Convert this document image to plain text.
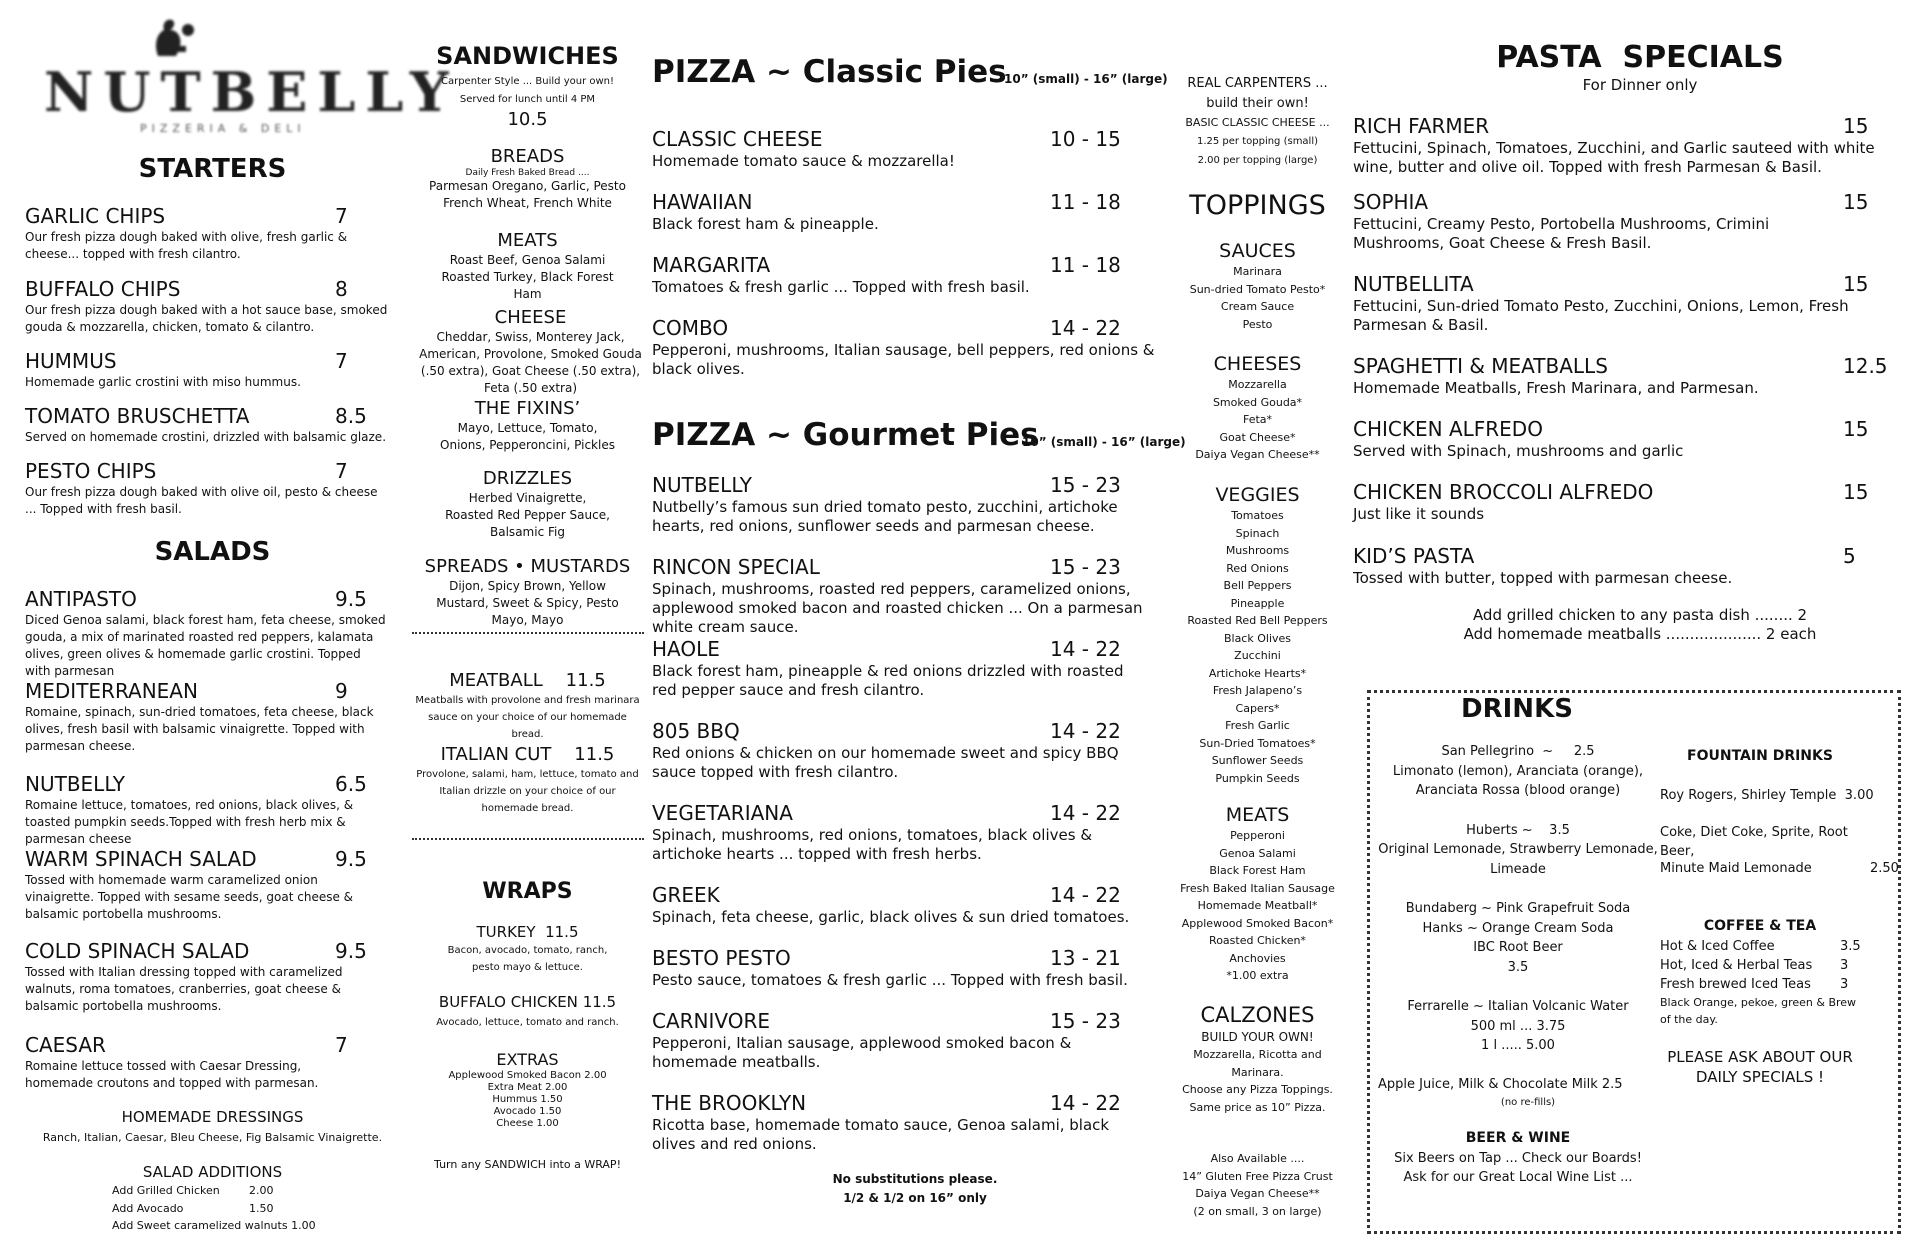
NUTBELLY
PIZZERIA & DELI
STARTERS
GARLIC CHIPS	7
Our fresh pizza dough baked with olive, fresh garlic & cheese... topped with fresh cilantro.
BUFFALO CHIPS	8
Our fresh pizza dough baked with a hot sauce base, smoked gouda & mozzarella, chicken, tomato & cilantro.
HUMMUS	7
Homemade garlic crostini with miso hummus.
TOMATO BRUSCHETTA	8.5
Served on homemade crostini, drizzled with balsamic glaze.
PESTO CHIPS	7
Our fresh pizza dough baked with olive oil, pesto & cheese ... Topped with fresh basil.
SALADS
ANTIPASTO	9.5
Diced Genoa salami, black forest ham, feta cheese, smoked gouda, a mix of marinated roasted red peppers, kalamata olives, green olives & homemade garlic crostini. Topped with parmesan
MEDITERRANEAN	9
Romaine, spinach, sun-dried tomatoes, feta cheese, black olives, fresh basil with balsamic vinaigrette. Topped with parmesan cheese.
NUTBELLY	6.5
Romaine lettuce, tomatoes, red onions, black olives, & toasted pumpkin seeds.Topped with fresh herb mix & parmesan cheese
WARM SPINACH SALAD	9.5
Tossed with homemade warm caramelized onion vinaigrette. Topped with sesame seeds, goat cheese & balsamic portobella mushrooms.
COLD SPINACH SALAD	9.5
Tossed with Italian dressing topped with caramelized walnuts, roma tomatoes, cranberries, goat cheese & balsamic portobella mushrooms.
CAESAR	7
Romaine lettuce tossed with Caesar Dressing, homemade croutons and topped with parmesan.
HOMEMADE DRESSINGS
Ranch, Italian, Caesar, Bleu Cheese, Fig Balsamic Vinaigrette.
SALAD ADDITIONS
Add Grilled Chicken	2.00
Add Avocado	1.50
Add Sweet caramelized walnuts 1.00
SANDWICHES
Carpenter Style ... Build your own!
Served for lunch until 4 PM
10.5
BREADS
Daily Fresh Baked Bread ....
Parmesan Oregano, Garlic, Pesto French Wheat, French White
MEATS
Roast Beef, Genoa Salami Roasted Turkey, Black Forest Ham
CHEESE
Cheddar, Swiss, Monterey Jack, American, Provolone, Smoked Gouda (.50 extra), Goat Cheese (.50 extra), Feta (.50 extra)
THE FIXINS’
Mayo, Lettuce, Tomato, Onions, Pepperoncini, Pickles
DRIZZLES
Herbed Vinaigrette, Roasted Red Pepper Sauce, Balsamic Fig
SPREADS • MUSTARDS
Dijon, Spicy Brown, Yellow Mustard, Sweet & Spicy, Pesto Mayo, Mayo
MEATBALL 11.5
Meatballs with provolone and fresh marinara sauce on your choice of our homemade bread.
ITALIAN CUT 11.5
Provolone, salami, ham, lettuce, tomato and Italian drizzle on your choice of our homemade bread.
WRAPS
TURKEY 11.5
Bacon, avocado, tomato, ranch, pesto mayo & lettuce.
BUFFALO CHICKEN 11.5
Avocado, lettuce, tomato and ranch.
EXTRAS
Applewood Smoked Bacon 2.00
Extra Meat 2.00
Hummus 1.50
Avocado 1.50
Cheese 1.00
Turn any SANDWICH into a WRAP!
PIZZA ~ Classic Pies
10” (small) - 16” (large)
CLASSIC CHEESE	10 - 15
Homemade tomato sauce & mozzarella!
HAWAIIAN	11 - 18
Black forest ham & pineapple.
MARGARITA	11 - 18
Tomatoes & fresh garlic ... Topped with fresh basil.
COMBO	14 - 22
Pepperoni, mushrooms, Italian sausage, bell peppers, red onions & black olives.
PIZZA ~ Gourmet Pies
10” (small) - 16” (large)
NUTBELLY	15 - 23
Nutbelly’s famous sun dried tomato pesto, zucchini, artichoke hearts, red onions, sunflower seeds and parmesan cheese.
RINCON SPECIAL	15 - 23
Spinach, mushrooms, roasted red peppers, caramelized onions, applewood smoked bacon and roasted chicken ... On a parmesan white cream sauce.
HAOLE	14 - 22
Black forest ham, pineapple & red onions drizzled with roasted red pepper sauce and fresh cilantro.
805 BBQ	14 - 22
Red onions & chicken on our homemade sweet and spicy BBQ sauce topped with fresh cilantro.
VEGETARIANA	14 - 22
Spinach, mushrooms, red onions, tomatoes, black olives & artichoke hearts ... topped with fresh herbs.
GREEK	14 - 22
Spinach, feta cheese, garlic, black olives & sun dried tomatoes.
BESTO PESTO	13 - 21
Pesto sauce, tomatoes & fresh garlic ... Topped with fresh basil.
CARNIVORE	15 - 23
Pepperoni, Italian sausage, applewood smoked bacon & homemade meatballs.
THE BROOKLYN	14 - 22
Ricotta base, homemade tomato sauce, Genoa salami, black olives and red onions.
No substitutions please.
1/2 & 1/2 on 16” only
REAL CARPENTERS ...
build their own!
BASIC CLASSIC CHEESE ...
1.25 per topping (small)
2.00 per topping (large)
TOPPINGS
SAUCES
Marinara
Sun-dried Tomato Pesto*
Cream Sauce
Pesto
CHEESES
Mozzarella
Smoked Gouda*
Feta*
Goat Cheese*
Daiya Vegan Cheese**
VEGGIES
Tomatoes
Spinach
Mushrooms
Red Onions
Bell Peppers
Pineapple
Roasted Red Bell Peppers
Black Olives
Zucchini
Artichoke Hearts*
Fresh Jalapeno’s
Capers*
Fresh Garlic
Sun-Dried Tomatoes*
Sunflower Seeds
Pumpkin Seeds
MEATS
Pepperoni
Genoa Salami
Black Forest Ham
Fresh Baked Italian Sausage
Homemade Meatball*
Applewood Smoked Bacon*
Roasted Chicken*
Anchovies
*1.00 extra
CALZONES
BUILD YOUR OWN!
Mozzarella, Ricotta and
Marinara.
Choose any Pizza Toppings.
Same price as 10” Pizza.
Also Available ....
14” Gluten Free Pizza Crust
Daiya Vegan Cheese**
(2 on small, 3 on large)
PASTA  SPECIALS
For Dinner only
RICH FARMER	15
Fettucini, Spinach, Tomatoes, Zucchini, and Garlic sauteed with white wine, butter and olive oil. Topped with fresh Parmesan & Basil.
SOPHIA	15
Fettucini, Creamy Pesto, Portobella Mushrooms, Crimini Mushrooms, Goat Cheese & Fresh Basil.
NUTBELLITA	15
Fettucini, Sun-dried Tomato Pesto, Zucchini, Onions, Lemon, Fresh Parmesan & Basil.
SPAGHETTI & MEATBALLS	12.5
Homemade Meatballs, Fresh Marinara, and Parmesan.
CHICKEN ALFREDO	15
Served with Spinach, mushrooms and garlic
CHICKEN BROCCOLI ALFREDO	15
Just like it sounds
KID’S PASTA	5
Tossed with butter, topped with parmesan cheese.
Add grilled chicken to any pasta dish ........ 2
Add homemade meatballs .................... 2 each
DRINKS
San Pellegrino  ~     2.5
Limonato (lemon), Aranciata (orange),
Aranciata Rossa (blood orange)
Huberts ~    3.5
Original Lemonade, Strawberry Lemonade,
Limeade
Bundaberg ~ Pink Grapefruit Soda
Hanks ~ Orange Cream Soda
IBC Root Beer
3.5
Ferrarelle ~ Italian Volcanic Water
500 ml ... 3.75
1 l ..... 5.00
Apple Juice, Milk & Chocolate Milk 2.5
(no re-fills)
BEER & WINE
Six Beers on Tap ... Check our Boards!
Ask for our Great Local Wine List ...
FOUNTAIN DRINKS
Roy Rogers, Shirley Temple  3.00
Coke, Diet Coke, Sprite, Root Beer,
Minute Maid Lemonade	2.50
COFFEE & TEA
Hot & Iced Coffee	3.5
Hot, Iced & Herbal Teas 3
Fresh brewed Iced Teas 3
Black Orange, pekoe, green & Brew of the day.
PLEASE ASK ABOUT OUR DAILY SPECIALS !
